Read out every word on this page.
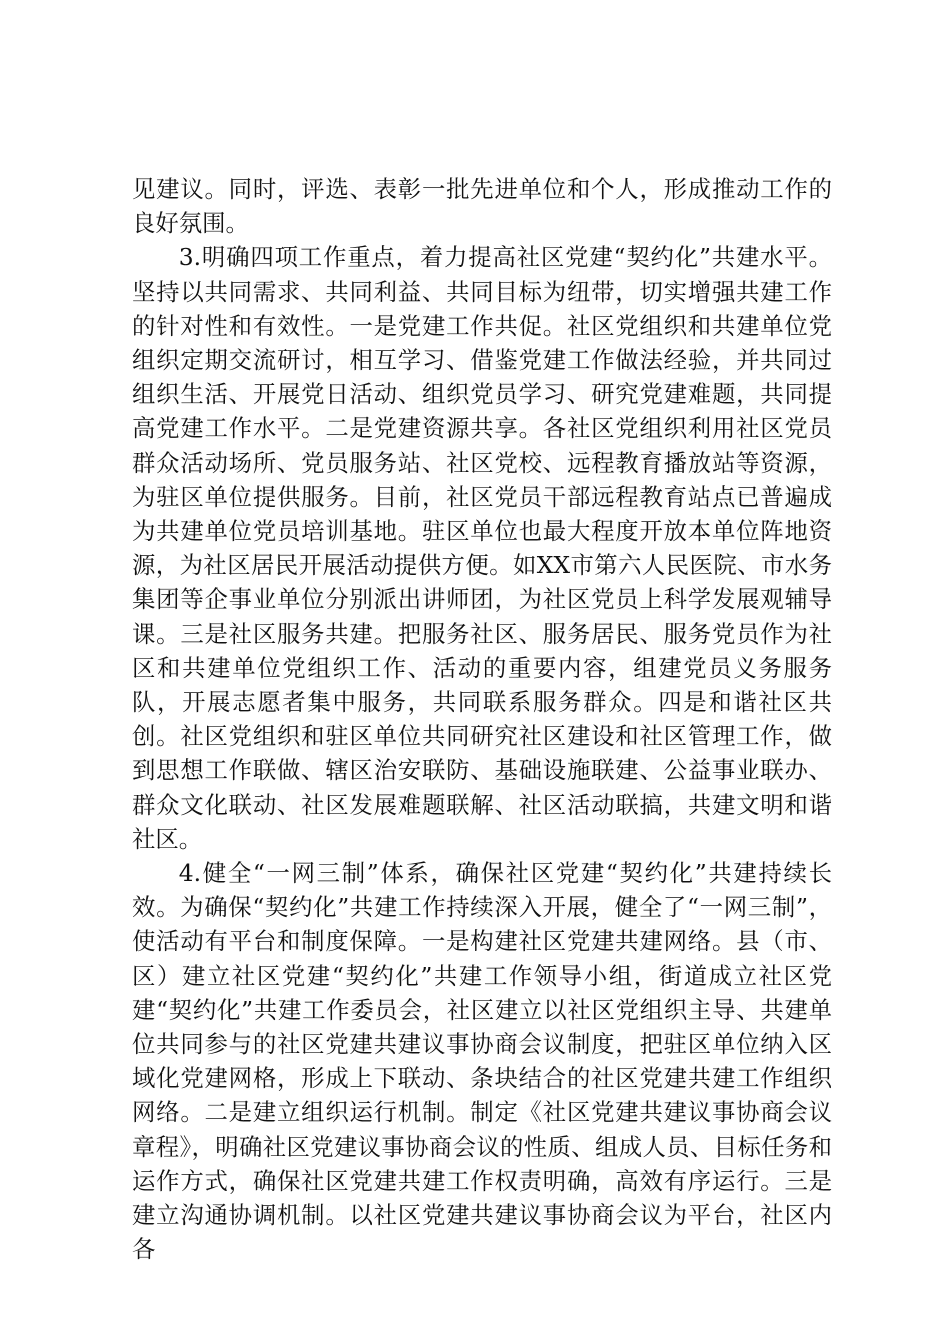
见建议。同时，评选、表彰一批先进单位和个人，形成推动工作的良好氛围。

3.明确四项工作重点，着力提高社区党建“契约化”共建水平。坚持以共同需求、共同利益、共同目标为纽带，切实增强共建工作的针对性和有效性。一是党建工作共促。社区党组织和共建单位党组织定期交流研讨，相互学习、借鉴党建工作做法经验，并共同过组织生活、开展党日活动、组织党员学习、研究党建难题，共同提高党建工作水平。二是党建资源共享。各社区党组织利用社区党员群众活动场所、党员服务站、社区党校、远程教育播放站等资源，为驻区单位提供服务。目前，社区党员干部远程教育站点已普遍成为共建单位党员培训基地。驻区单位也最大程度开放本单位阵地资源，为社区居民开展活动提供方便。如XX市第六人民医院、市水务集团等企事业单位分别派出讲师团，为社区党员上科学发展观辅导课。三是社区服务共建。把服务社区、服务居民、服务党员作为社区和共建单位党组织工作、活动的重要内容，组建党员义务服务队，开展志愿者集中服务，共同联系服务群众。四是和谐社区共创。社区党组织和驻区单位共同研究社区建设和社区管理工作，做到思想工作联做、辖区治安联防、基础设施联建、公益事业联办、群众文化联动、社区发展难题联解、社区活动联搞，共建文明和谐社区。

4.健全“一网三制”体系，确保社区党建“契约化”共建持续长效。为确保“契约化”共建工作持续深入开展，健全了“一网三制”，使活动有平台和制度保障。一是构建社区党建共建网络。县（市、区）建立社区党建“契约化”共建工作领导小组，街道成立社区党建“契约化”共建工作委员会，社区建立以社区党组织主导、共建单位共同参与的社区党建共建议事协商会议制度，把驻区单位纳入区域化党建网格，形成上下联动、条块结合的社区党建共建工作组织网络。二是建立组织运行机制。制定《社区党建共建议事协商会议章程》，明确社区党建议事协商会议的性质、组成人员、目标任务和运作方式，确保社区党建共建工作权责明确，高效有序运行。三是建立沟通协调机制。以社区党建共建议事协商会议为平台，社区内各
